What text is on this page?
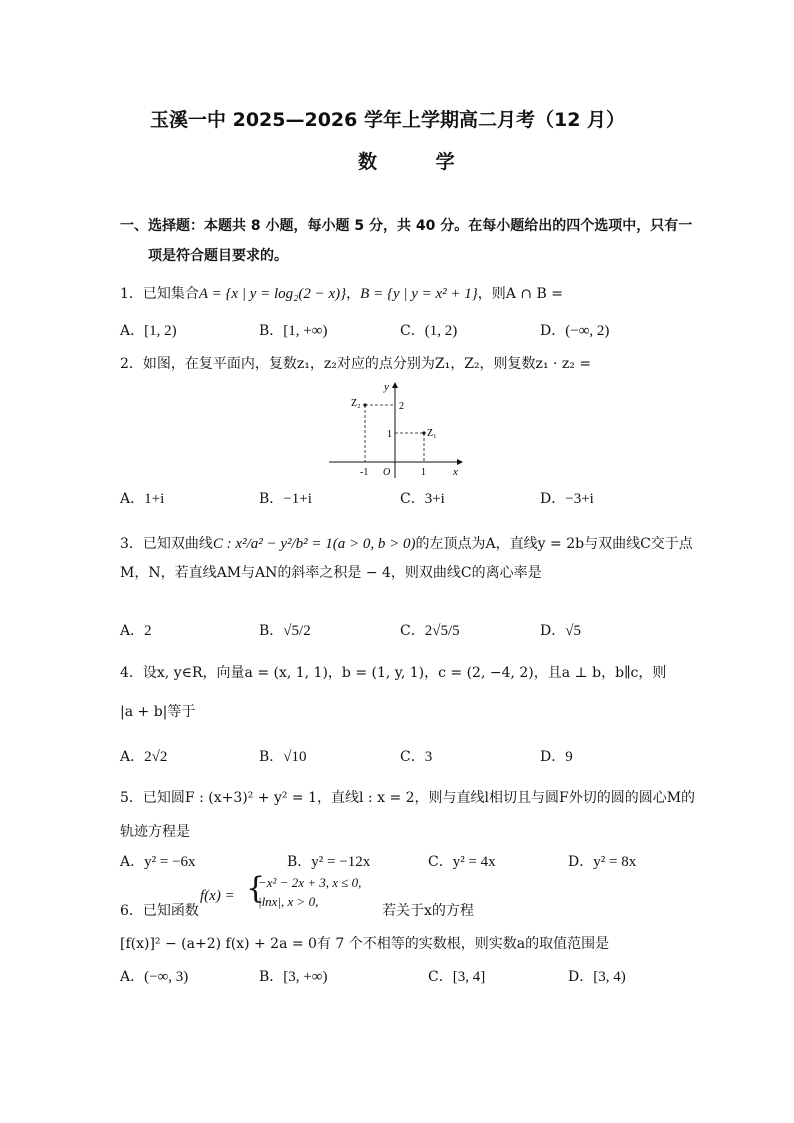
玉溪一中 2025—2026 学年上学期高二月考（12 月）
数 学
一、选择题：本题共 8 小题，每小题 5 分，共 40 分。在每小题给出的四个选项中，只有一
项是符合题目要求的。
1．已知集合A = {x | y = log₂(2 − x)}，B = {y | y = x² + 1}，则A ∩ B =
A．[1, 2)	B．[1, +∞)	C．(1, 2)	D．(−∞, 2)
2．如图，在复平面内，复数z₁，z₂对应的点分别为Z₁，Z₂，则复数z₁ · z₂ =
y
x
O
-1	1
2
1
Z₂
Z₁
A．1+i	B．−1+i	C．3+i	D．−3+i
3．已知双曲线C : x²/a² − y²/b² = 1(a > 0, b > 0)的左顶点为A，直线y = 2b与双曲线C交于点
M，N，若直线AM与AN的斜率之积是 − 4，则双曲线C的离心率是
A．2	B．√5/2	C．2√5/5	D．√5
4．设x, y∈R，向量a = (x, 1, 1)，b = (1, y, 1)，c = (2, −4, 2)，且a ⊥ b，b∥c，则
|a + b|等于
A．2√2	B．√10	C．3	D．9
5．已知圆F : (x+3)² + y² = 1，直线l : x = 2，则与直线l相切且与圆F外切的圆的圆心M的
轨迹方程是
A．y² = −6x	B．y² = −12x	C．y² = 4x	D．y² = 8x
6．已知函数
f(x) = {
−x² − 2x + 3, x ≤ 0,
|lnx|, x > 0,
若关于x的方程
[f(x)]² − (a+2) f(x) + 2a = 0有 7 个不相等的实数根，则实数a的取值范围是
A．(−∞, 3)	B．[3, +∞)	C．[3, 4]	D．[3, 4)
